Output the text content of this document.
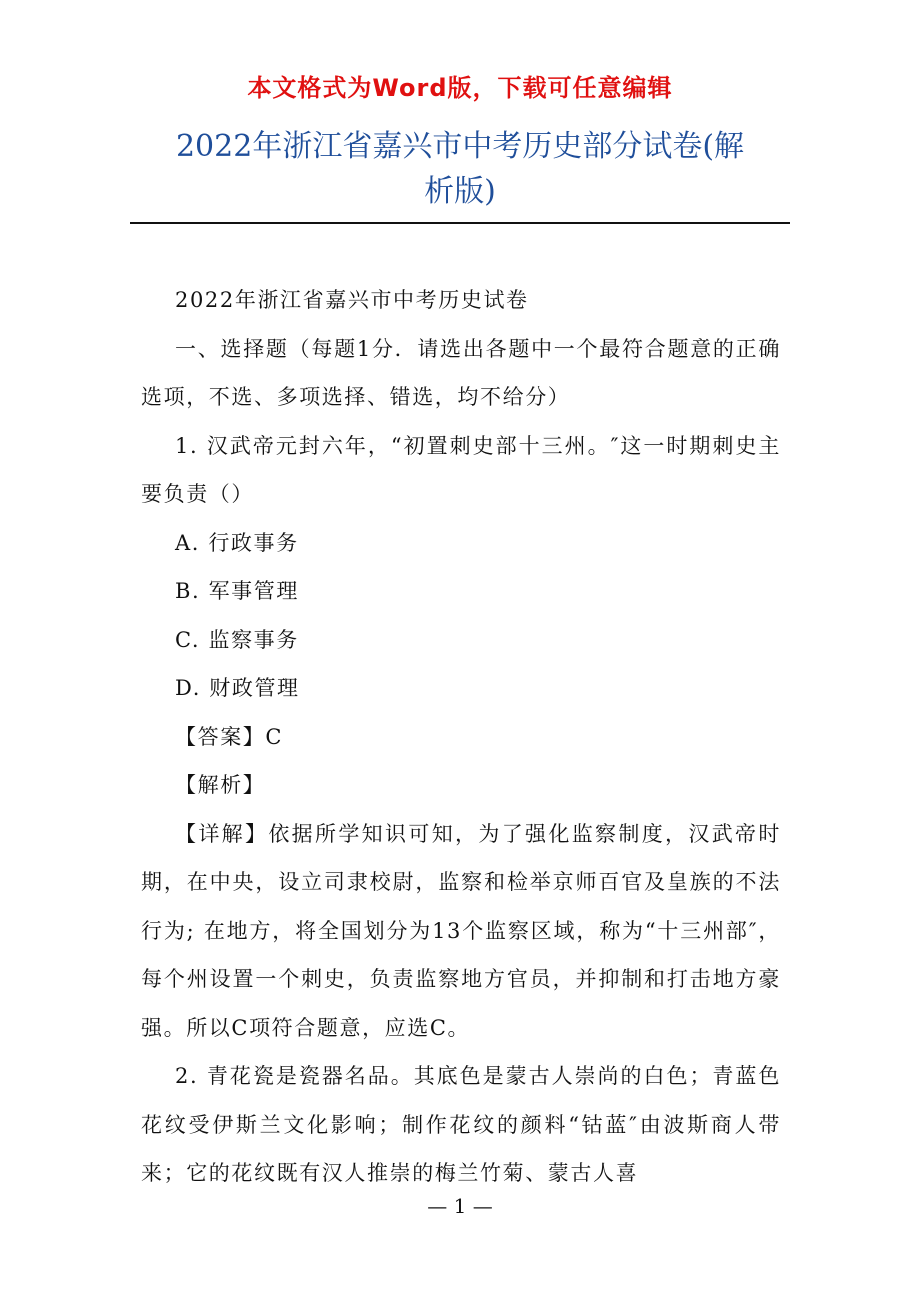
本文格式为Word版，下载可任意编辑
2022年浙江省嘉兴市中考历史部分试卷(解
析版)

2022年浙江省嘉兴市中考历史试卷

一、选择题（每题1分．请选出各题中一个最符合题意的正确选项，不选、多项选择、错选，均不给分）

1. 汉武帝元封六年，“初置刺史部十三州。″这一时期刺史主要负责（）

A. 行政事务

B. 军事管理

C. 监察事务

D. 财政管理

【答案】C

【解析】

【详解】依据所学知识可知，为了强化监察制度，汉武帝时期，在中央，设立司隶校尉，监察和检举京师百官及皇族的不法行为; 在地方，将全国划分为13个监察区域，称为“十三州部″，每个州设置一个刺史，负责监察地方官员，并抑制和打击地方豪强。所以C项符合题意，应选C。

2. 青花瓷是瓷器名品。其底色是蒙古人崇尚的白色；青蓝色花纹受伊斯兰文化影响；制作花纹的颜料“钴蓝″由波斯商人带来；它的花纹既有汉人推崇的梅兰竹菊、蒙古人喜

— 1 —
